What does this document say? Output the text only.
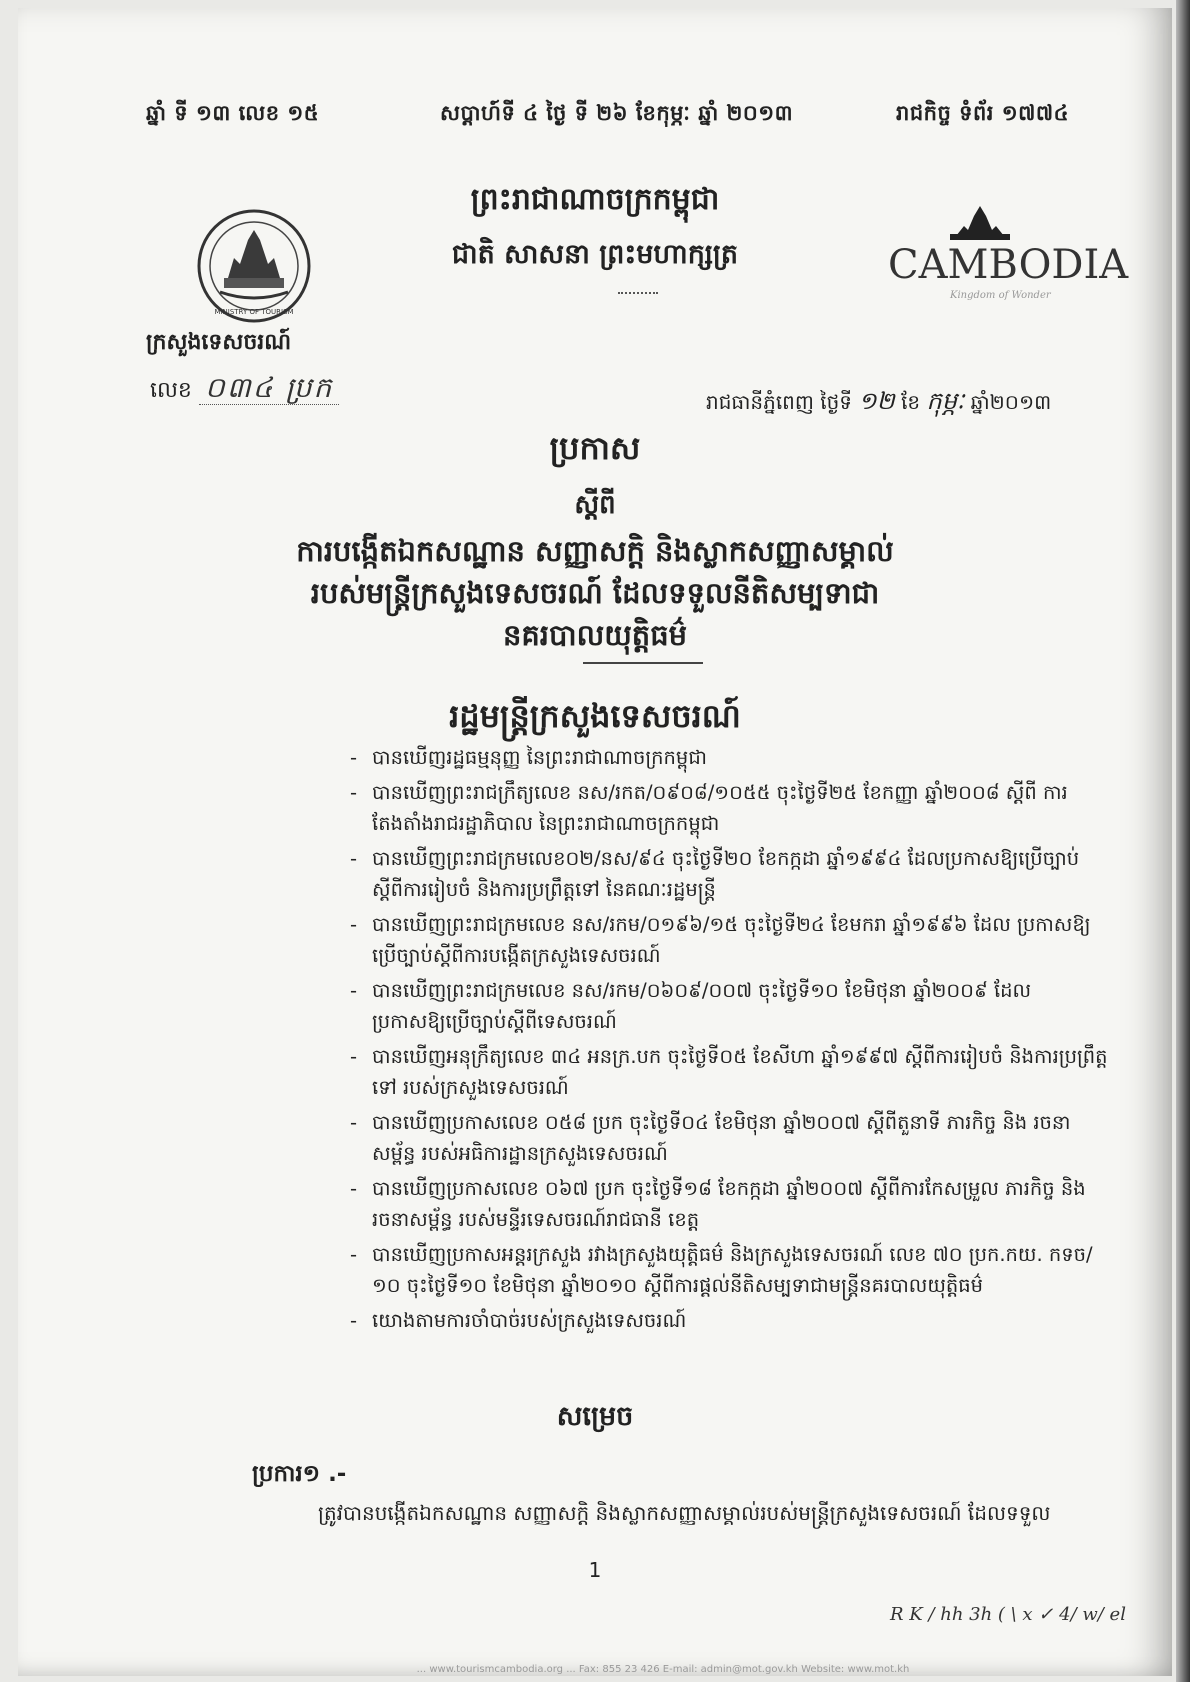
ឆ្នាំ ទី ១៣ លេខ ១៥	សប្តាហ៍ទី ៤ ថ្ងៃ ទី ២៦ ខែកុម្ភៈ ឆ្នាំ ២០១៣	រាជកិច្ច ទំព័រ ១៧៧៤
ព្រះរាជាណាចក្រកម្ពុជា
ជាតិ សាសនា ព្រះមហាក្សត្រ
MINISTRY OF TOURISM
CAMBODIA
Kingdom of Wonder
ក្រសួងទេសចរណ៍
លេខ ០៣៤ ប្រក	រាជធានីភ្នំពេញ ថ្ងៃទី ១២ ខែ កុម្ភៈ ឆ្នាំ២០១៣
ប្រកាស
ស្តីពី
ការបង្កើតឯកសណ្ឋាន សញ្ញាសក្តិ និងស្លាកសញ្ញាសម្គាល់
របស់មន្ត្រីក្រសួងទេសចរណ៍ ដែលទទួលនីតិសម្បទាជា
នគរបាលយុត្តិធម៌
រដ្ឋមន្ត្រីក្រសួងទេសចរណ៍
- បានឃើញរដ្ឋធម្មនុញ្ញ នៃព្រះរាជាណាចក្រកម្ពុជា
- បានឃើញព្រះរាជក្រឹត្យលេខ នស/រកត/០៩០៨/១០៥៥ ចុះថ្ងៃទី២៥ ខែកញ្ញា ឆ្នាំ២០០៨ ស្តីពី ការតែងតាំងរាជរដ្ឋាភិបាល នៃព្រះរាជាណាចក្រកម្ពុជា
- បានឃើញព្រះរាជក្រមលេខ០២/នស/៩៤ ចុះថ្ងៃទី២០ ខែកក្កដា ឆ្នាំ១៩៩៤ ដែលប្រកាសឱ្យប្រើច្បាប់ ស្តីពីការរៀបចំ និងការប្រព្រឹត្តទៅ នៃគណៈរដ្ឋមន្ត្រី
- បានឃើញព្រះរាជក្រមលេខ នស/រកម/០១៩៦/១៥ ចុះថ្ងៃទី២៤ ខែមករា ឆ្នាំ១៩៩៦ ដែល ប្រកាសឱ្យប្រើច្បាប់ស្តីពីការបង្កើតក្រសួងទេសចរណ៍
- បានឃើញព្រះរាជក្រមលេខ នស/រកម/០៦០៩/០០៧ ចុះថ្ងៃទី១០ ខែមិថុនា ឆ្នាំ២០០៩ ដែល ប្រកាសឱ្យប្រើច្បាប់ស្តីពីទេសចរណ៍
- បានឃើញអនុក្រឹត្យលេខ ៣៤ អនក្រ.បក ចុះថ្ងៃទី០៥ ខែសីហា ឆ្នាំ១៩៩៧ ស្តីពីការរៀបចំ និងការប្រព្រឹត្តទៅ របស់ក្រសួងទេសចរណ៍
- បានឃើញប្រកាសលេខ ០៥៨ ប្រក ចុះថ្ងៃទី០៤ ខែមិថុនា ឆ្នាំ២០០៧ ស្តីពីតួនាទី ភារកិច្ច និង រចនាសម្ព័ន្ធ របស់អធិការដ្ឋានក្រសួងទេសចរណ៍
- បានឃើញប្រកាសលេខ ០៦៧ ប្រក ចុះថ្ងៃទី១៨ ខែកក្កដា ឆ្នាំ២០០៧ ស្តីពីការកែសម្រួល ភារកិច្ច និងរចនាសម្ព័ន្ធ របស់មន្ទីរទេសចរណ៍រាជធានី ខេត្ត
- បានឃើញប្រកាសអន្តរក្រសួង រវាងក្រសួងយុត្តិធម៌ និងក្រសួងទេសចរណ៍ លេខ ៧០ ប្រក.កយ. កទច/១០ ចុះថ្ងៃទី១០ ខែមិថុនា ឆ្នាំ២០១០ ស្តីពីការផ្តល់នីតិសម្បទាជាមន្ត្រីនគរបាលយុត្តិធម៌
- យោងតាមការចាំបាច់របស់ក្រសួងទេសចរណ៍
សម្រេច
ប្រការ១ .-
ត្រូវបានបង្កើតឯកសណ្ឋាន សញ្ញាសក្តិ និងស្លាកសញ្ញាសម្គាល់របស់មន្ត្រីក្រសួងទេសចរណ៍ ដែលទទួល
1
R K / hh 3h ( \ x ✓ 4/ w/ el
... www.tourismcambodia.org ... Fax: 855 23 426 E-mail: admin@mot.gov.kh Website: www.mot.kh
